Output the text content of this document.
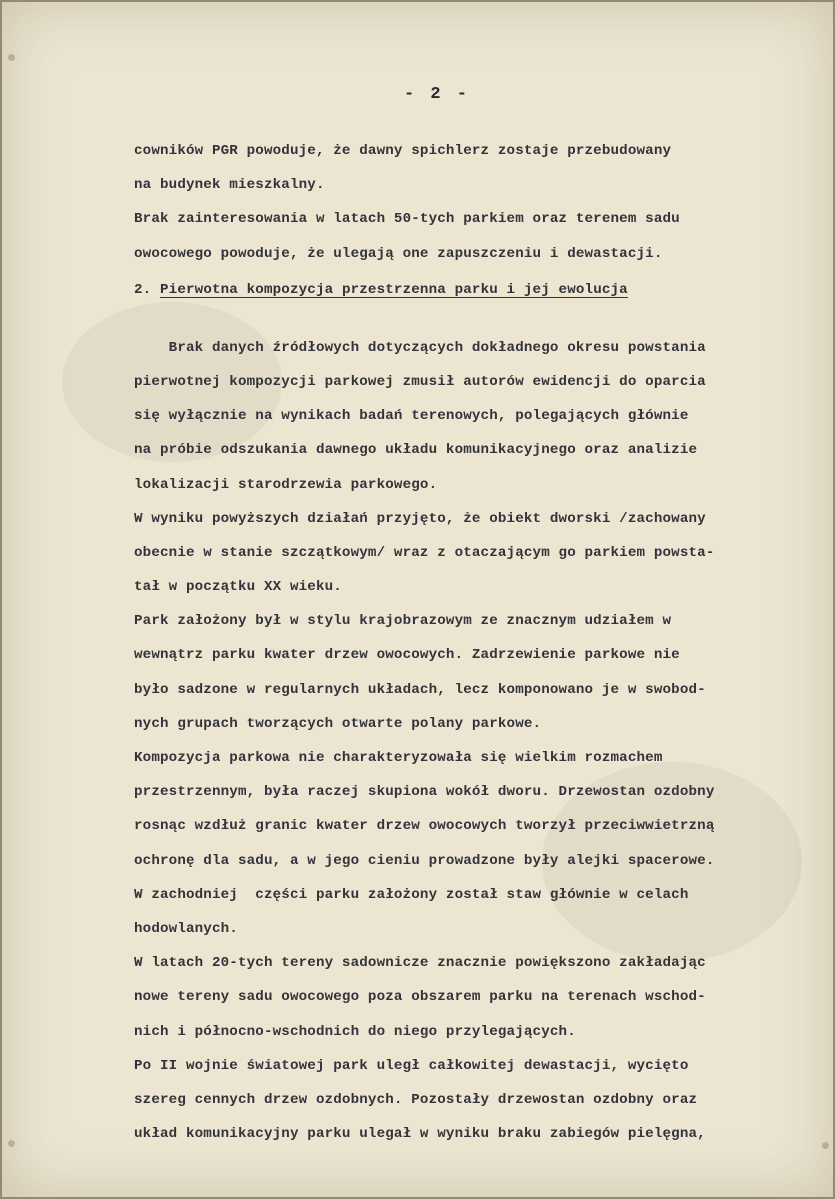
- 2 -
cowników PGR powoduje, że dawny spichlerz zostaje przebudowany
na budynek mieszkalny.
Brak zainteresowania w latach 50-tych parkiem oraz terenem sadu
owocowego powoduje, że ulegają one zapuszczeniu i dewastacji.
2. Pierwotna kompozycja przestrzenna parku i jej ewolucja
Brak danych źródłowych dotyczących dokładnego okresu powstania
pierwotnej kompozycji parkowej zmusił autorów ewidencji do oparcia
się wyłącznie na wynikach badań terenowych, polegających głównie
na próbie odszukania dawnego układu komunikacyjnego oraz analizie
lokalizacji starodrzewia parkowego.
W wyniku powyższych działań przyjęto, że obiekt dworski /zachowany
obecnie w stanie szczątkowym/ wraz z otaczającym go parkiem powsta-
tał w początku XX wieku.
Park założony był w stylu krajobrazowym ze znacznym udziałem w
wewnątrz parku kwater drzew owocowych. Zadrzewienie parkowe nie
było sadzone w regularnych układach, lecz komponowano je w swobod-
nych grupach tworzących otwarte polany parkowe.
Kompozycja parkowa nie charakteryzowała się wielkim rozmachem
przestrzennym, była raczej skupiona wokół dworu. Drzewostan ozdobny
rosnąc wzdłuż granic kwater drzew owocowych tworzył przeciwwietrzną
ochronę dla sadu, a w jego cieniu prowadzone były alejki spacerowe.
W zachodniej  części parku założony został staw głównie w celach
hodowlanych.
W latach 20-tych tereny sadownicze znacznie powiększono zakładając
nowe tereny sadu owocowego poza obszarem parku na terenach wschod-
nich i północno-wschodnich do niego przylegających.
Po II wojnie światowej park uległ całkowitej dewastacji, wycięto
szereg cennych drzew ozdobnych. Pozostały drzewostan ozdobny oraz
układ komunikacyjny parku ulegał w wyniku braku zabiegów pielęgna,
